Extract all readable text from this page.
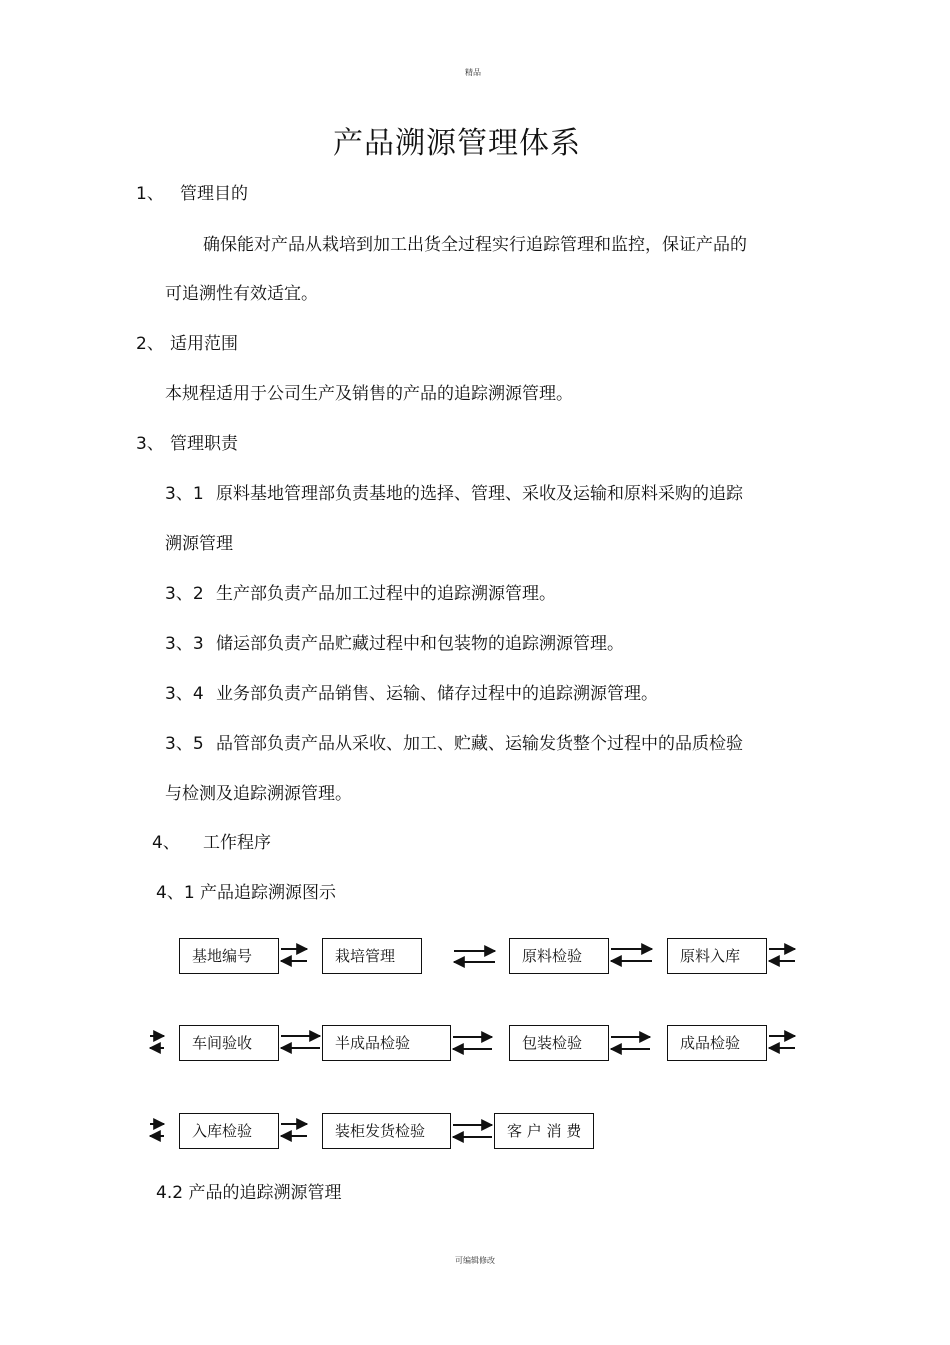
精品
可编辑修改
产品溯源管理体系
1、 管理目的
确保能对产品从栽培到加工出货全过程实行追踪管理和监控，保证产品的
可追溯性有效适宜。
2、 适用范围
本规程适用于公司生产及销售的产品的追踪溯源管理。
3、 管理职责
3、1 原料基地管理部负责基地的选择、管理、采收及运输和原料采购的追踪
溯源管理
3、2 生产部负责产品加工过程中的追踪溯源管理。
3、3 储运部负责产品贮藏过程中和包装物的追踪溯源管理。
3、4 业务部负责产品销售、运输、储存过程中的追踪溯源管理。
3、5 品管部负责产品从采收、加工、贮藏、运输发货整个过程中的品质检验
与检测及追踪溯源管理。
4、 工作程序
4、1 产品追踪溯源图示
基地编号	栽培管理	原料检验	原料入库
车间验收	半成品检验	包装检验	成品检验
入库检验	装柜发货检验	客 户 消 费
4.2 产品的追踪溯源管理
